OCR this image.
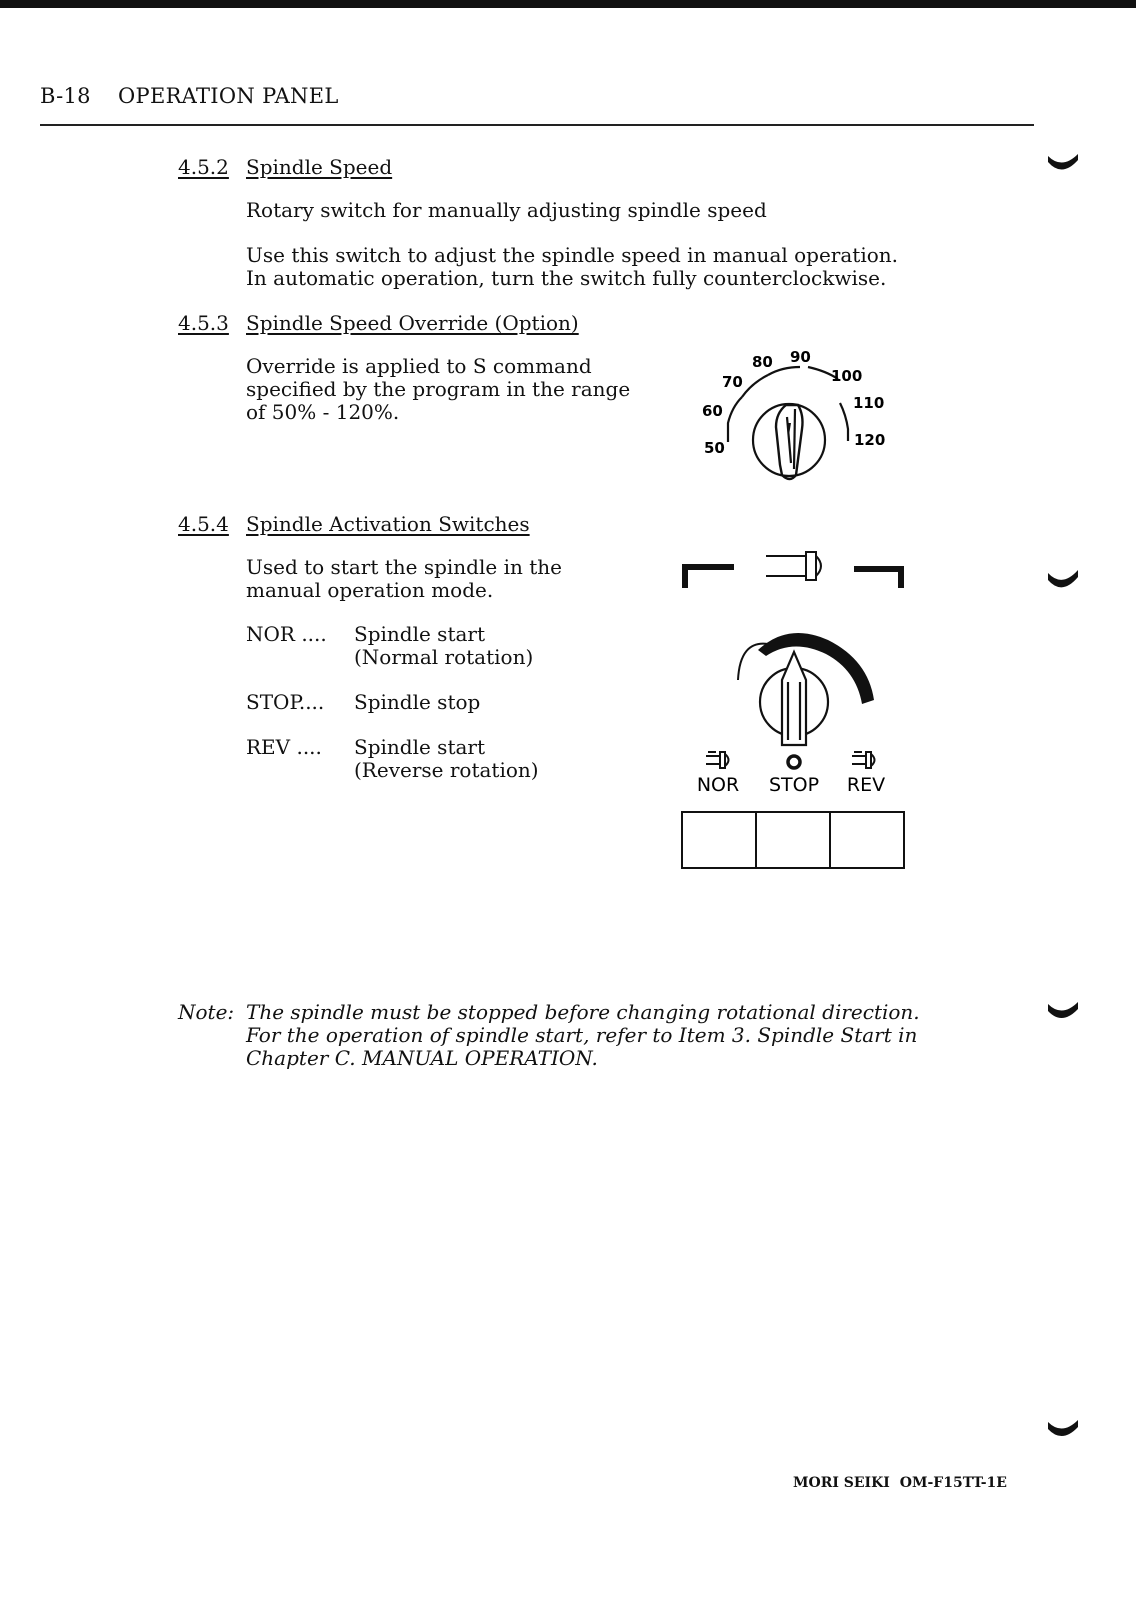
B-18 OPERATION PANEL
4.5.2 Spindle Speed
Rotary switch for manually adjusting spindle speed
Use this switch to adjust the spindle speed in manual operation.
In automatic operation, turn the switch fully counterclockwise.
4.5.3 Spindle Speed Override (Option)
Override is applied to S command
specified by the program in the range
of 50% - 120%.
50
60
70
80 90
100
110
120
4.5.4 Spindle Activation Switches
Used to start the spindle in the
manual operation mode.
NOR .... Spindle start
(Normal rotation)
STOP.... Spindle stop
REV .... Spindle start
(Reverse rotation)
NOR STOP REV
Note: The spindle must be stopped before changing rotational direction.
For the operation of spindle start, refer to Item 3. Spindle Start in
Chapter C. MANUAL OPERATION.
MORI SEIKI OM-F15TT-1E
